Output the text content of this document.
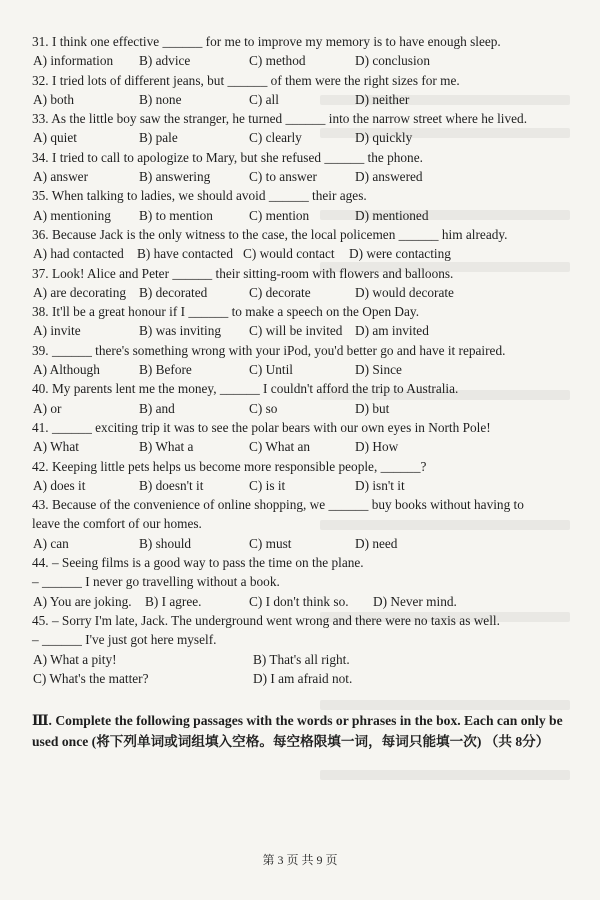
31. I think one effective ______ for me to improve my memory is to have enough sleep.
A) information	B) advice	C) method	D) conclusion
32. I tried lots of different jeans, but ______ of them were the right sizes for me.
A) both	B) none	C) all	D) neither
33. As the little boy saw the stranger, he turned ______ into the narrow street where he lived.
A) quiet	B) pale	C) clearly	D) quickly
34. I tried to call to apologize to Mary, but she refused ______ the phone.
A) answer	B) answering	C) to answer	D) answered
35. When talking to ladies, we should avoid ______ their ages.
A) mentioning	B) to mention	C) mention	D) mentioned
36. Because Jack is the only witness to the case, the local policemen ______ him already.
A) had contacted B) have contacted C) would contact	D) were contacting
37. Look! Alice and Peter ______ their sitting-room with flowers and balloons.
A) are decorating B) decorated	C) decorate	D) would decorate
38. It'll be a great honour if I ______ to make a speech on the Open Day.
A) invite	B) was inviting	C) will be invited D) am invited
39. ______ there's something wrong with your iPod, you'd better go and have it repaired.
A) Although	B) Before	C) Until	D) Since
40. My parents lent me the money, ______ I couldn't afford the trip to Australia.
A) or	B) and	C) so	D) but
41. ______ exciting trip it was to see the polar bears with our own eyes in North Pole!
A) What	B) What a	C) What an	D) How
42. Keeping little pets helps us become more responsible people, ______?
A) does it	B) doesn't it	C) is it	D) isn't it
43. Because of the convenience of online shopping, we ______ buy books without having to
leave the comfort of our homes.
A) can	B) should	C) must	D) need
44. – Seeing films is a good way to pass the time on the plane.
– ______ I never go travelling without a book.
A) You are joking.	B) I agree.	C) I don't think so.	D) Never mind.
45. – Sorry I'm late, Jack. The underground went wrong and there were no taxis as well.
– ______ I've just got here myself.
A) What a pity!	B) That's all right.
C) What's the matter?	D) I am afraid not.
Ⅲ. Complete the following passages with the words or phrases in the box. Each can only be used once (将下列单词或词组填入空格。每空格限填一词，每词只能填一次) （共 8分）
第 3 页 共 9 页
